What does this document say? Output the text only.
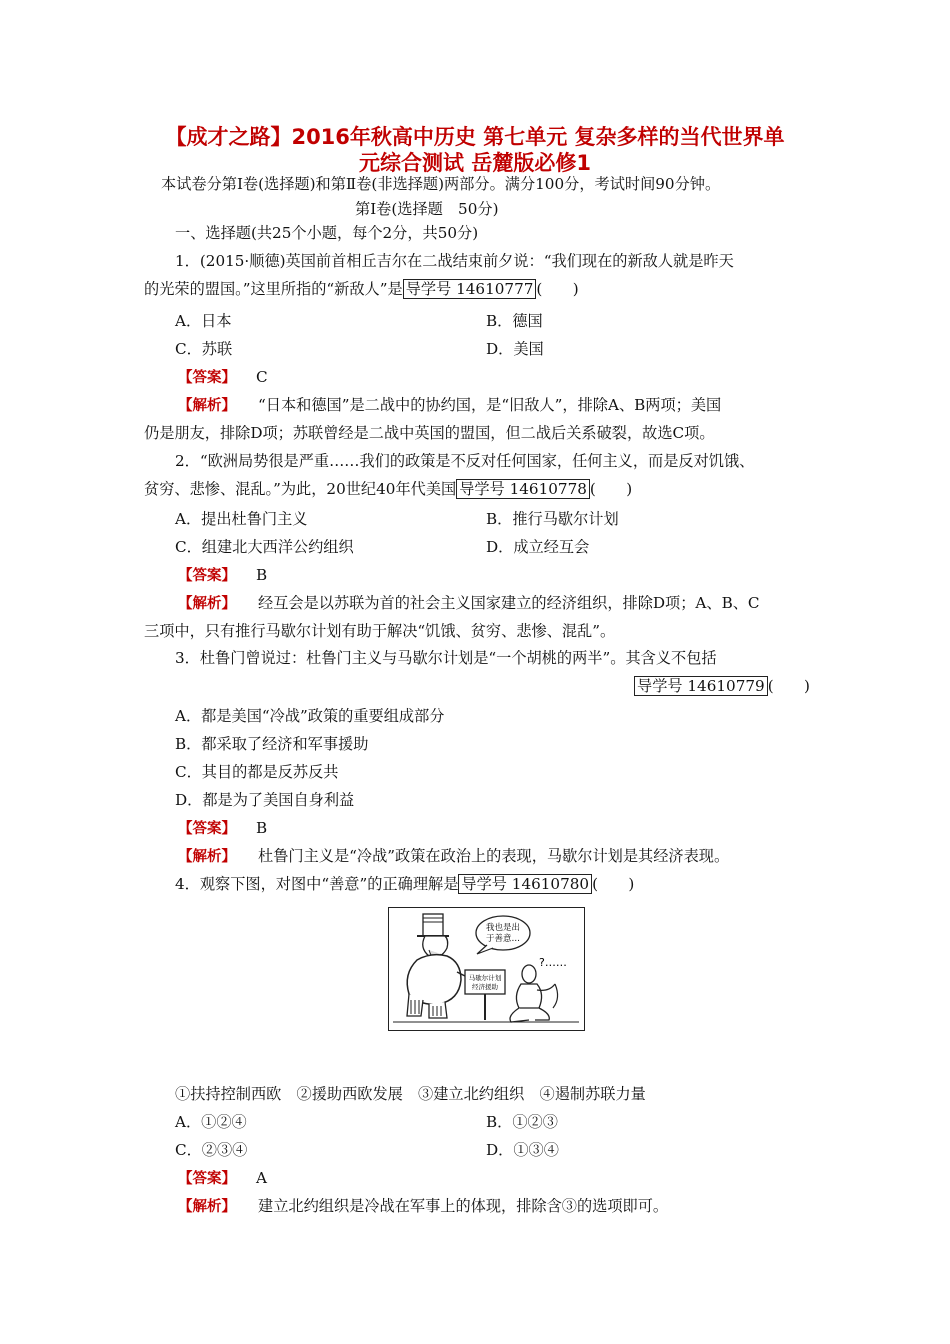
【成才之路】2016年秋高中历史 第七单元 复杂多样的当代世界单
元综合测试 岳麓版必修1
本试卷分第Ⅰ卷(选择题)和第Ⅱ卷(非选择题)两部分。满分100分，考试时间90分钟。
第Ⅰ卷(选择题　50分)
一、选择题(共25个小题，每个2分，共50分)
1．(2015·顺德)英国前首相丘吉尔在二战结束前夕说：“我们现在的新敌人就是昨天
的光荣的盟国。”这里所指的“新敌人”是 导学号 14610777 (　　)
A．日本	B．德国
C．苏联	D．美国
【答案】 C
【解析】 “日本和德国”是二战中的协约国，是“旧敌人”，排除A、B两项；美国
仍是朋友，排除D项；苏联曾经是二战中英国的盟国，但二战后关系破裂，故选C项。
2．“欧洲局势很是严重……我们的政策是不反对任何国家，任何主义，而是反对饥饿、
贫穷、悲惨、混乱。”为此，20世纪40年代美国 导学号 14610778 (　　)
A．提出杜鲁门主义	B．推行马歇尔计划
C．组建北大西洋公约组织	D．成立经互会
【答案】 B
【解析】 经互会是以苏联为首的社会主义国家建立的经济组织，排除D项；A、B、C
三项中，只有推行马歇尔计划有助于解决“饥饿、贫穷、悲惨、混乱”。
3．杜鲁门曾说过：杜鲁门主义与马歇尔计划是“一个胡桃的两半”。其含义不包括
导学号 14610779 (　　)
A．都是美国“冷战”政策的重要组成部分
B．都采取了经济和军事援助
C．其目的都是反苏反共
D．都是为了美国自身利益
【答案】 B
【解析】 杜鲁门主义是“冷战”政策在政治上的表现，马歇尔计划是其经济表现。
4．观察下图，对图中“善意”的正确理解是 导学号 14610780 (　　)
我也是出
于善意…
马歇尔计划
经济援助
?……
①扶持控制西欧　②援助西欧发展　③建立北约组织　④遏制苏联力量
A．①②④	B．①②③
C．②③④	D．①③④
【答案】 A
【解析】 建立北约组织是冷战在军事上的体现，排除含③的选项即可。
